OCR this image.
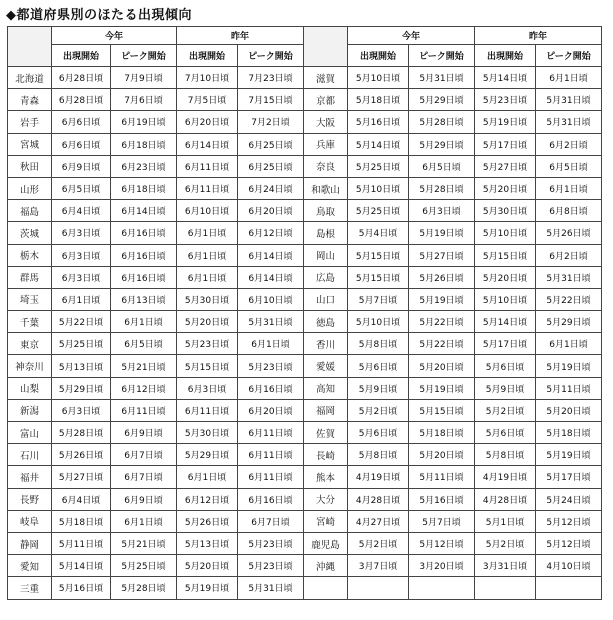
◆都道府県別のほたる出現傾向
	今年		昨年			今年		昨年	
	出現開始	ピーク開始	出現開始	ピーク開始		出現開始	ピーク開始	出現開始	ピーク開始
北海道	6月28日頃	7月9日頃	7月10日頃	7月23日頃	滋賀	5月10日頃	5月31日頃	5月14日頃	6月1日頃
青森	6月28日頃	7月6日頃	7月5日頃	7月15日頃	京都	5月18日頃	5月29日頃	5月23日頃	5月31日頃
岩手	6月6日頃	6月19日頃	6月20日頃	7月2日頃	大阪	5月16日頃	5月28日頃	5月19日頃	5月31日頃
宮城	6月6日頃	6月18日頃	6月14日頃	6月25日頃	兵庫	5月14日頃	5月29日頃	5月17日頃	6月2日頃
秋田	6月9日頃	6月23日頃	6月11日頃	6月25日頃	奈良	5月25日頃	6月5日頃	5月27日頃	6月5日頃
山形	6月5日頃	6月18日頃	6月11日頃	6月24日頃	和歌山	5月10日頃	5月28日頃	5月20日頃	6月1日頃
福島	6月4日頃	6月14日頃	6月10日頃	6月20日頃	鳥取	5月25日頃	6月3日頃	5月30日頃	6月8日頃
茨城	6月3日頃	6月16日頃	6月1日頃	6月12日頃	島根	5月4日頃	5月19日頃	5月10日頃	5月26日頃
栃木	6月3日頃	6月16日頃	6月1日頃	6月14日頃	岡山	5月15日頃	5月27日頃	5月15日頃	6月2日頃
群馬	6月3日頃	6月16日頃	6月1日頃	6月14日頃	広島	5月15日頃	5月26日頃	5月20日頃	5月31日頃
埼玉	6月1日頃	6月13日頃	5月30日頃	6月10日頃	山口	5月7日頃	5月19日頃	5月10日頃	5月22日頃
千葉	5月22日頃	6月1日頃	5月20日頃	5月31日頃	徳島	5月10日頃	5月22日頃	5月14日頃	5月29日頃
東京	5月25日頃	6月5日頃	5月23日頃	6月1日頃	香川	5月8日頃	5月22日頃	5月17日頃	6月1日頃
神奈川	5月13日頃	5月21日頃	5月15日頃	5月23日頃	愛媛	5月6日頃	5月20日頃	5月6日頃	5月19日頃
山梨	5月29日頃	6月12日頃	6月3日頃	6月16日頃	高知	5月9日頃	5月19日頃	5月9日頃	5月11日頃
新潟	6月3日頃	6月11日頃	6月11日頃	6月20日頃	福岡	5月2日頃	5月15日頃	5月2日頃	5月20日頃
富山	5月28日頃	6月9日頃	5月30日頃	6月11日頃	佐賀	5月6日頃	5月18日頃	5月6日頃	5月18日頃
石川	5月26日頃	6月7日頃	5月29日頃	6月11日頃	長崎	5月8日頃	5月20日頃	5月8日頃	5月19日頃
福井	5月27日頃	6月7日頃	6月1日頃	6月11日頃	熊本	4月19日頃	5月11日頃	4月19日頃	5月17日頃
長野	6月4日頃	6月9日頃	6月12日頃	6月16日頃	大分	4月28日頃	5月16日頃	4月28日頃	5月24日頃
岐阜	5月18日頃	6月1日頃	5月26日頃	6月7日頃	宮崎	4月27日頃	5月7日頃	5月1日頃	5月12日頃
静岡	5月11日頃	5月21日頃	5月13日頃	5月23日頃	鹿児島	5月2日頃	5月12日頃	5月2日頃	5月12日頃
愛知	5月14日頃	5月25日頃	5月20日頃	5月23日頃	沖縄	3月7日頃	3月20日頃	3月31日頃	4月10日頃
三重	5月16日頃	5月28日頃	5月19日頃	5月31日頃					
